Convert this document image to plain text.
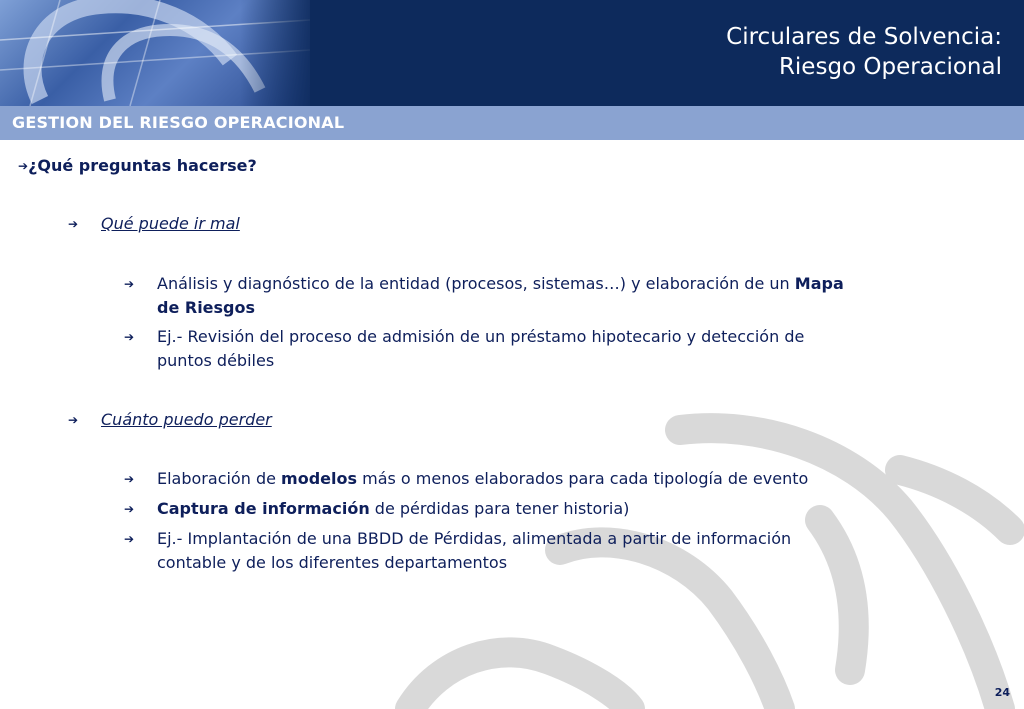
Circulares de Solvencia:
Riesgo Operacional
GESTION DEL RIESGO OPERACIONAL
➔ ¿Qué preguntas hacerse?
➔	Qué puede ir mal
➔	Análisis y diagnóstico de la entidad (procesos, sistemas…) y elaboración de un Mapa
de Riesgos
➔	Ej.- Revisión del proceso de admisión de un préstamo hipotecario y detección de
puntos débiles
➔	Cuánto puedo perder
➔	Elaboración de modelos más o menos elaborados para cada tipología de evento
➔	Captura de información de pérdidas para tener historia)
➔	Ej.- Implantación de una BBDD de Pérdidas, alimentada a partir de información
contable y de los diferentes departamentos
24
